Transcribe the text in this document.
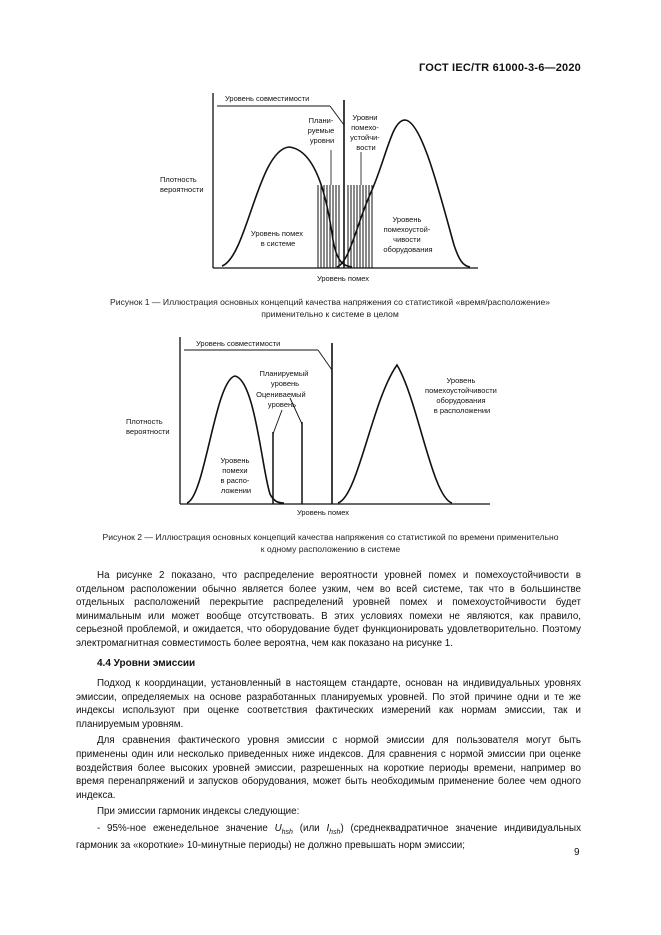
ГОСТ IEC/TR 61000-3-6—2020
Уровень совместимости
Плани- руемые уровни
Уровни помехо- устойчи- вости
Плотность вероятности
Уровень помех в системе
Уровень помехоустой- чивости оборудования
Уровень помех
Рисунок 1 — Иллюстрация основных концепций качества напряжения со статистикой «время/расположение»
применительно к системе в целом
Уровень совместимости
Планируемый уровень
Оценивaемый уровень
Плотность вероятности
Уровень помехи в распо- ложении
Уровень помехоустойчивости оборудования в расположении
Уровень помех
Рисунок 2 — Иллюстрация основных концепций качества напряжения со статистикой по времени применительно
к одному расположению в системе

На рисунке 2 показано, что распределение вероятности уровней помех и помехоустойчивости в отдельном расположении обычно является более узким, чем во всей системе, так что в большинстве отдельных расположений перекрытие распределений уровней помех и помехоустойчивости будет минимальным или может вообще отсутствовать. В этих условиях помехи не являются, как правило, серьезной проблемой, и ожидается, что оборудование будет функционировать удовлетворительно. Поэтому электромагнитная совместимость более вероятна, чем как показано на рисунке 1.

4.4 Уровни эмиссии

Подход к координации, установленный в настоящем стандарте, основан на индивидуальных уровнях эмиссии, определяемых на основе разработанных планируемых уровней. По этой причине одни и те же индексы используют при оценке соответствия фактических измерений как нормам эмиссии, так и планируемым уровням.

Для сравнения фактического уровня эмиссии с нормой эмиссии для пользователя могут быть применены один или несколько приведенных ниже индексов. Для сравнения с нормой эмиссии при оценке воздействия более высоких уровней эмиссии, разрешенных на короткие периоды времени, например во время перенапряжений и запусков оборудования, может быть необходимым применение более чем одного индекса.

При эмиссии гармоник индексы следующие:

- 95%-ное еженедельное значение $U_{hsh}$ (или $I_{hsh}$) (среднеквадратичное значение индивидуальных гармоник за «короткие» 10-минутные периоды) не должно превышать норм эмиссии;

9
